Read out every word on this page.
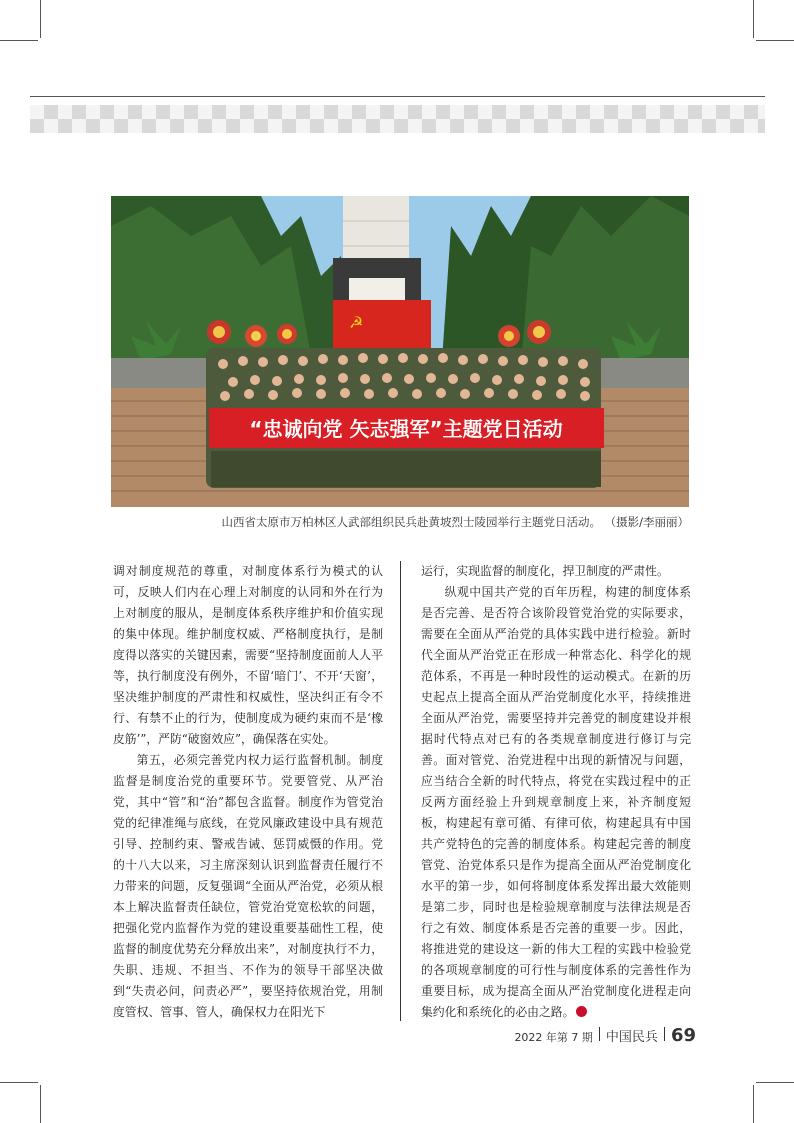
☭
“忠诚向党 矢志强军”主题党日活动
山西省太原市万柏林区人武部组织民兵赴黄坡烈士陵园举行主题党日活动。 （摄影/李丽丽）

调对制度规范的尊重，对制度体系行为模式的认可，反映人们内在心理上对制度的认同和外在行为上对制度的服从，是制度体系秩序维护和价值实现的集中体现。维护制度权威、严格制度执行，是制度得以落实的关键因素，需要“坚持制度面前人人平等，执行制度没有例外，不留‘暗门’、不开‘天窗’，坚决维护制度的严肃性和权威性，坚决纠正有令不行、有禁不止的行为，使制度成为硬约束而不是‘橡皮筋’”，严防“破窗效应”，确保落在实处。

第五，必须完善党内权力运行监督机制。制度监督是制度治党的重要环节。党要管党、从严治党，其中“管”和“治”都包含监督。制度作为管党治党的纪律准绳与底线，在党风廉政建设中具有规范引导、控制约束、警戒告诫、惩罚威慑的作用。党的十八大以来，习主席深刻认识到监督责任履行不力带来的问题，反复强调“全面从严治党，必须从根本上解决监督责任缺位，管党治党宽松软的问题，把强化党内监督作为党的建设重要基础性工程，使监督的制度优势充分释放出来”，对制度执行不力，失职、违规、不担当、不作为的领导干部坚决做到“失责必问，问责必严”，要坚持依规治党，用制度管权、管事、管人，确保权力在阳光下

运行，实现监督的制度化，捍卫制度的严肃性。

纵观中国共产党的百年历程，构建的制度体系是否完善、是否符合该阶段管党治党的实际要求，需要在全面从严治党的具体实践中进行检验。新时代全面从严治党正在形成一种常态化、科学化的规范体系，不再是一种时段性的运动模式。在新的历史起点上提高全面从严治党制度化水平，持续推进全面从严治党，需要坚持并完善党的制度建设并根据时代特点对已有的各类规章制度进行修订与完善。面对管党、治党进程中出现的新情况与问题，应当结合全新的时代特点，将党在实践过程中的正反两方面经验上升到规章制度上来，补齐制度短板，构建起有章可循、有律可依，构建起具有中国共产党特色的完善的制度体系。构建起完善的制度管党、治党体系只是作为提高全面从严治党制度化水平的第一步，如何将制度体系发挥出最大效能则是第二步，同时也是检验规章制度与法律法规是否行之有效、制度体系是否完善的重要一步。因此，将推进党的建设这一新的伟大工程的实践中检验党的各项规章制度的可行性与制度体系的完善性作为重要目标，成为提高全面从严治党制度化进程走向集约化和系统化的必由之路。

2022 年第 7 期 中国民兵 69
